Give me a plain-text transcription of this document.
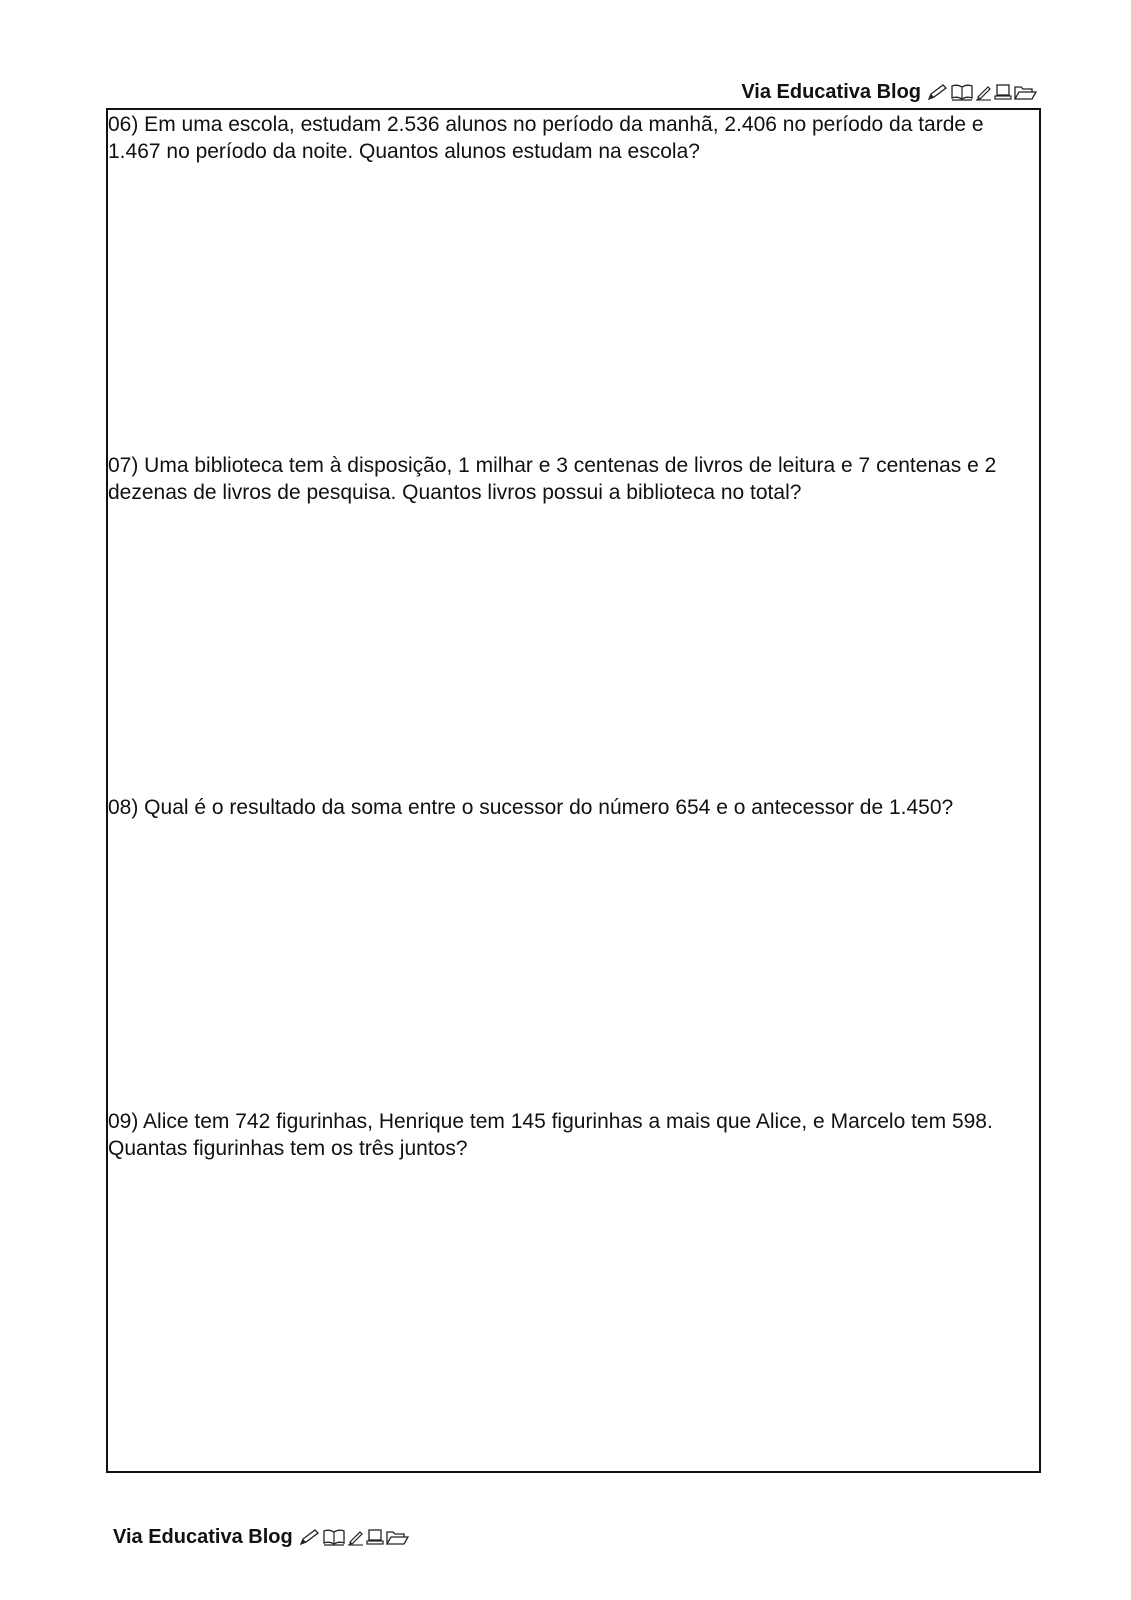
Via Educativa Blog

06) Em uma escola, estudam 2.536 alunos no período da manhã, 2.406 no período da tarde e 1.467 no período da noite. Quantos alunos estudam na escola?

07) Uma biblioteca tem à disposição, 1 milhar e 3 centenas de livros de leitura e 7 centenas e 2 dezenas de livros de pesquisa. Quantos livros possui a biblioteca no total?

08) Qual é o resultado da soma entre o sucessor do número 654 e o antecessor de 1.450?

09) Alice tem 742 figurinhas, Henrique tem 145 figurinhas a mais que Alice, e Marcelo tem 598. Quantas figurinhas tem os três juntos?

Via Educativa Blog
